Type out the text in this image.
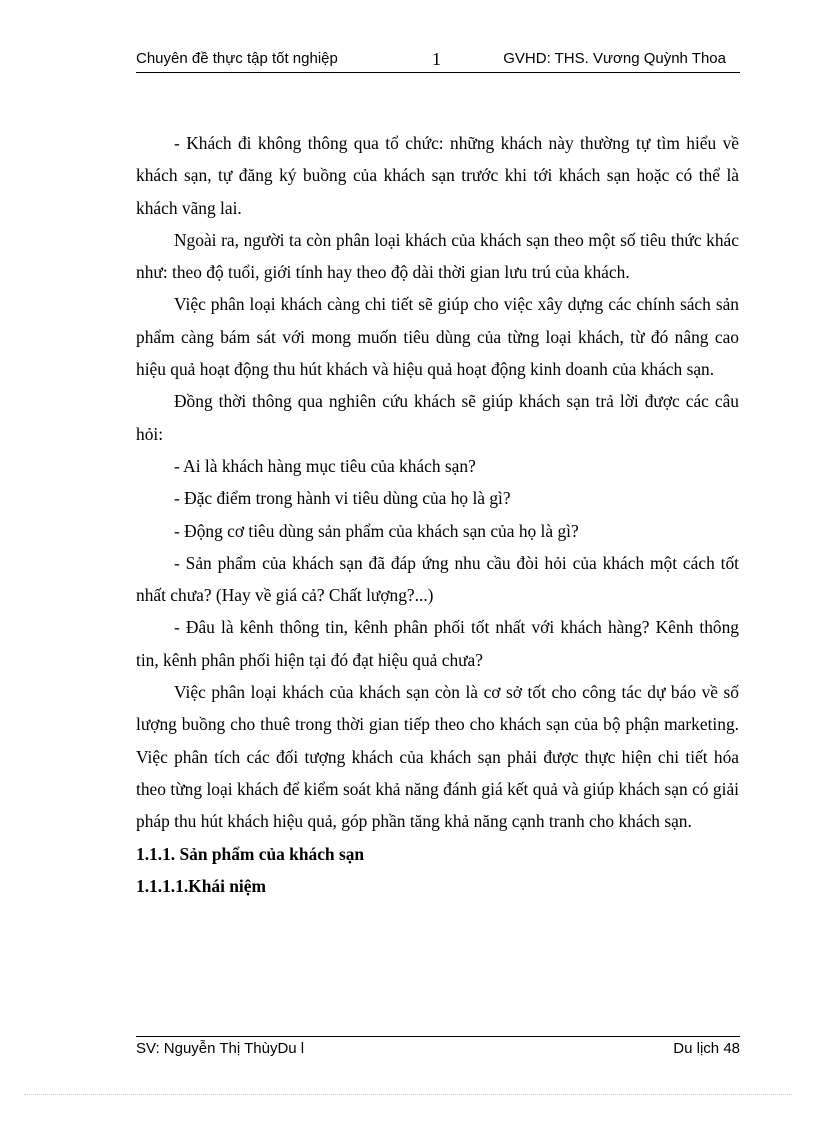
Chuyên đề thực tập tốt nghiệp	1	GVHD: THS. Vương Quỳnh Thoa

- Khách đi không thông qua tổ chức: những khách này thường tự tìm hiểu về khách sạn, tự đăng ký buồng của khách sạn trước khi tới khách sạn hoặc có thể là khách vãng lai.

Ngoài ra, người ta còn phân loại khách của khách sạn theo một số tiêu thức khác như: theo độ tuổi, giới tính hay theo độ dài thời gian lưu trú của khách.

Việc phân loại khách càng chi tiết sẽ giúp cho việc xây dựng các chính sách sản phẩm càng bám sát với mong muốn tiêu dùng của từng loại khách, từ đó nâng cao hiệu quả hoạt động thu hút khách và hiệu quả hoạt động kinh doanh của khách sạn.

Đồng thời thông qua nghiên cứu khách sẽ giúp khách sạn trả lời được các câu hỏi:

- Ai là khách hàng mục tiêu của khách sạn?

- Đặc điểm trong hành vi tiêu dùng của họ là gì?

- Động cơ tiêu dùng sản phẩm của khách sạn của họ là gì?

- Sản phẩm của khách sạn đã đáp ứng nhu cầu đòi hỏi của khách một cách tốt nhất chưa? (Hay về giá cả? Chất lượng?...)

- Đâu là kênh thông tin, kênh phân phối tốt nhất với khách hàng? Kênh thông tin, kênh phân phối hiện tại đó đạt hiệu quả chưa?

Việc phân loại khách của khách sạn còn là cơ sở tốt cho công tác dự báo về số lượng buồng cho thuê trong thời gian tiếp theo cho khách sạn của bộ phận marketing. Việc phân tích các đối tượng khách của khách sạn phải được thực hiện chi tiết hóa theo từng loại khách để kiểm soát khả năng đánh giá kết quả và giúp khách sạn có giải pháp thu hút khách hiệu quả, góp phần tăng khả năng cạnh tranh cho khách sạn.

1.1.1. Sản phẩm của khách sạn
1.1.1.1.Khái niệm
SV: Nguyễn Thị ThùyDu l	Du lịch 48
